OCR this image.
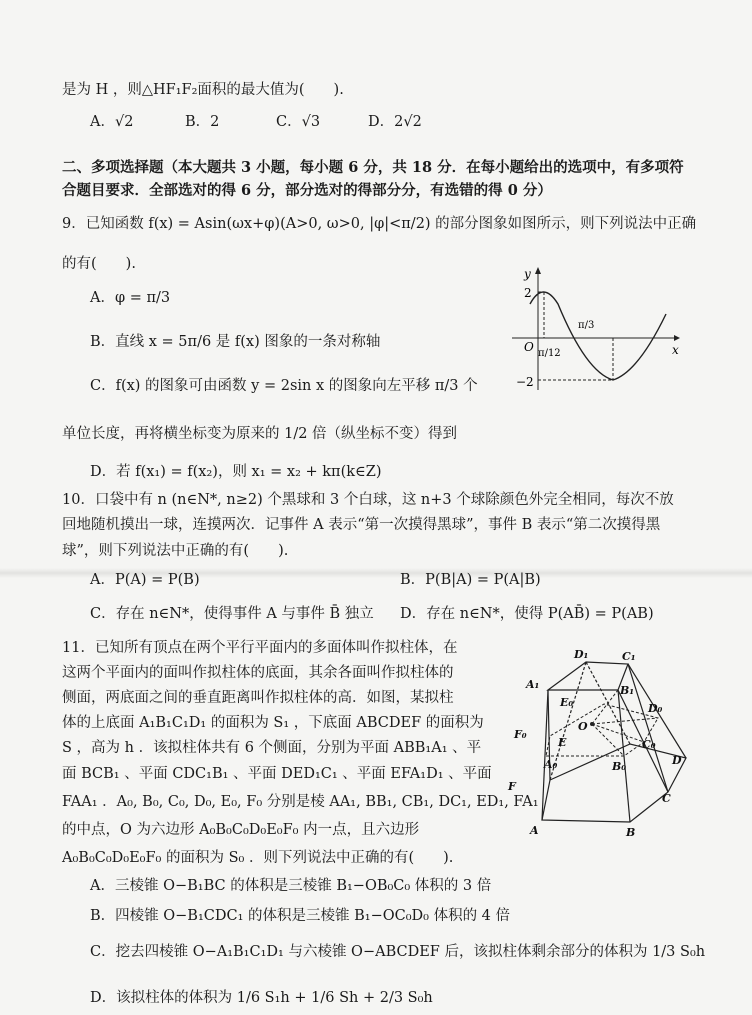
是为 H ，则△HF₁F₂面积的最大值为(　　).
A．√2	B．2	C．√3	D．2√2
二、多项选择题（本大题共 3 小题，每小题 6 分，共 18 分．在每小题给出的选项中，有多项符
合题目要求．全部选对的得 6 分，部分选对的得部分分，有选错的得 0 分）
9．已知函数 f(x) = Asin(ωx+φ)(A>0, ω>0, |φ|<π/2) 的部分图象如图所示，则下列说法中正确
的有(　　).
A．φ = π/3
B．直线 x = 5π/6 是 f(x) 图象的一条对称轴
C．f(x) 的图象可由函数 y = 2sin x 的图象向左平移 π/3 个
单位长度，再将横坐标变为原来的 1/2 倍（纵坐标不变）得到
D．若 f(x₁) = f(x₂)，则 x₁ = x₂ + kπ(k∈Z)
y
x
O
2
−2
π/12
π/3
10．口袋中有 n (n∈N*, n≥2) 个黑球和 3 个白球，这 n+3 个球除颜色外完全相同，每次不放
回地随机摸出一球，连摸两次．记事件 A 表示“第一次摸得黑球”，事件 B 表示“第二次摸得黑
球”，则下列说法中正确的有(　　).
A．P(A) = P(B)	B．P(B|A) = P(A|B)
C．存在 n∈N*，使得事件 A 与事件 B̄ 独立 D．存在 n∈N*，使得 P(AB̄) = P(AB)
11．已知所有顶点在两个平行平面内的多面体叫作拟柱体，在
这两个平面内的面叫作拟柱体的底面，其余各面叫作拟柱体的
侧面，两底面之间的垂直距离叫作拟柱体的高．如图，某拟柱
体的上底面 A₁B₁C₁D₁ 的面积为 S₁ ，下底面 ABCDEF 的面积为
S ，高为 h ．该拟柱体共有 6 个侧面，分别为平面 ABB₁A₁ 、平
面 BCB₁ 、平面 CDC₁B₁ 、平面 DED₁C₁ 、平面 EFA₁D₁ 、平面
FAA₁ ．A₀, B₀, C₀, D₀, E₀, F₀ 分别是棱 AA₁, BB₁, CB₁, DC₁, ED₁, FA₁
的中点，O 为六边形 A₀B₀C₀D₀E₀F₀ 内一点，且六边形
A₀B₀C₀D₀E₀F₀ 的面积为 S₀ ．则下列说法中正确的有(　　).
D₁	C₁
A₁	B₁
E₀	D₀
O
F₀
E	C₀
A₀	B₀	D
F
C
A	B
A．三棱锥 O−B₁BC 的体积是三棱锥 B₁−OB₀C₀ 体积的 3 倍
B．四棱锥 O−B₁CDC₁ 的体积是三棱锥 B₁−OC₀D₀ 体积的 4 倍
C．挖去四棱锥 O−A₁B₁C₁D₁ 与六棱锥 O−ABCDEF 后，该拟柱体剩余部分的体积为 1/3 S₀h
D．该拟柱体的体积为 1/6 S₁h + 1/6 Sh + 2/3 S₀h
